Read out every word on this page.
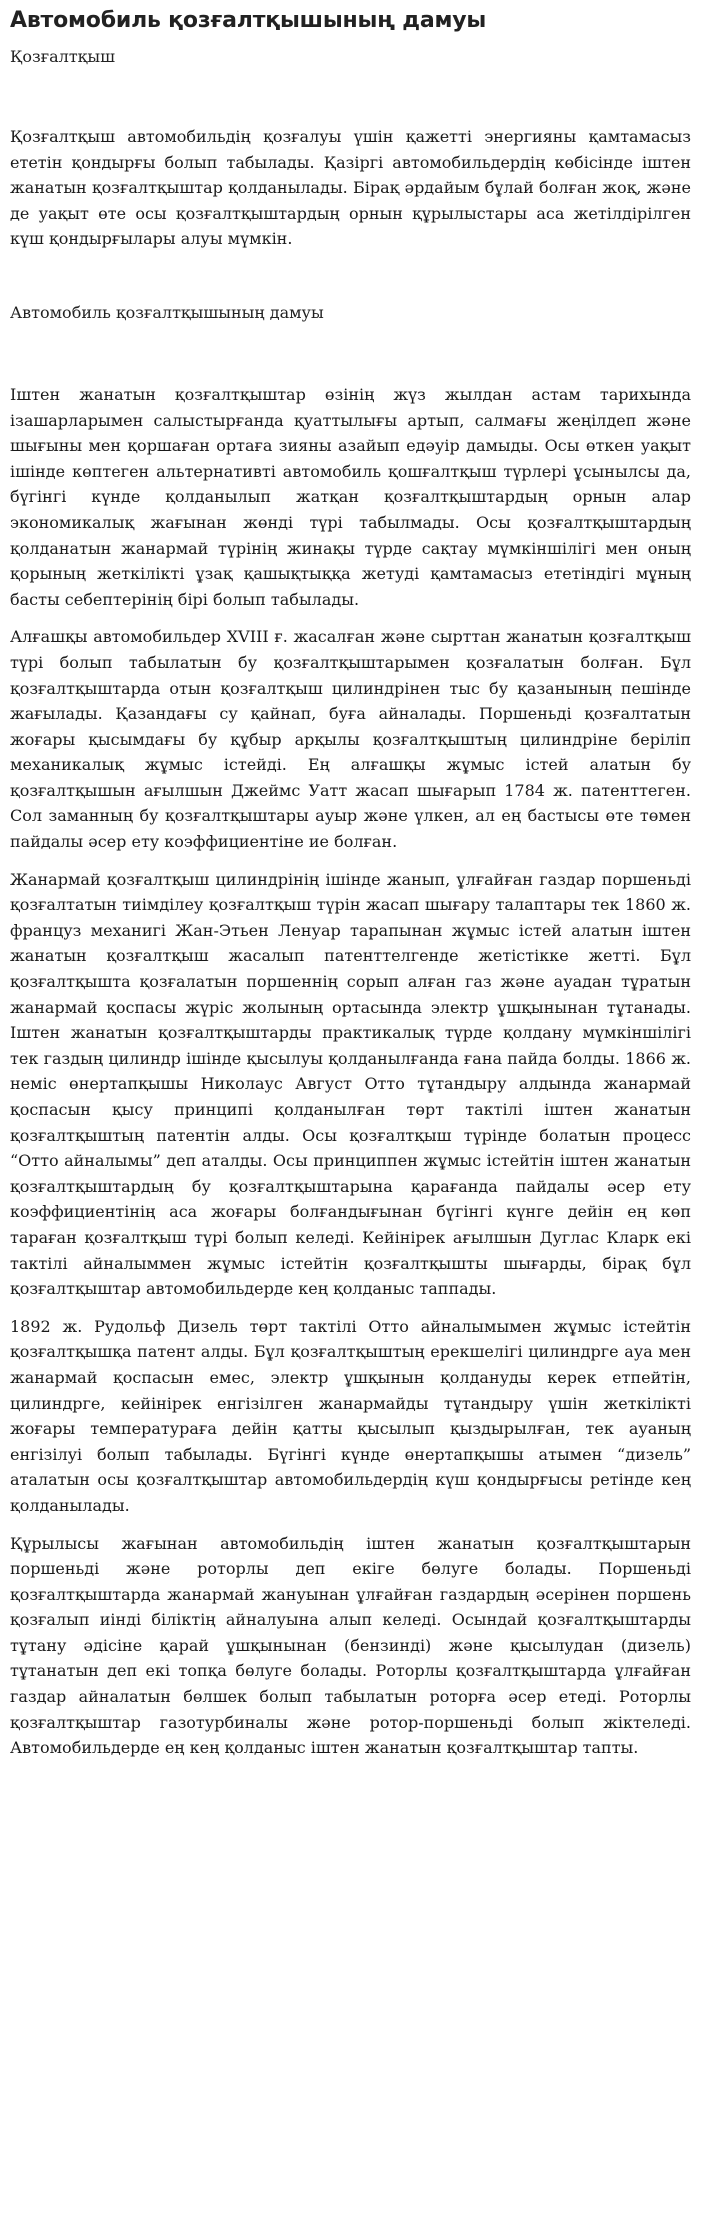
Автомобиль қозғалтқышының дамуы
Қозғалтқыш

Қозғалтқыш автомобильдің қозғалуы үшін қажетті энергияны қамтамасыз ететін қондырғы болып табылады. Қазіргі автомобильдердің көбісінде іштен жанатын қозғалтқыштар қолданылады. Бірақ әрдайым бұлай болған жоқ, және де уақыт өте осы қозғалтқыштардың орнын құрылыстары аса жетілдірілген күш қондырғылары алуы мүмкін.

Автомобиль қозғалтқышының дамуы

Іштен жанатын қозғалтқыштар өзінің жүз жылдан астам тарихында ізашарларымен салыстырғанда қуаттылығы артып, салмағы жеңілдеп және шығыны мен қоршаған ортаға зияны азайып едәуір дамыды. Осы өткен уақыт ішінде көптеген альтернативті автомобиль қошғалтқыш түрлері ұсынылсы да, бүгінгі күнде қолданылып жатқан қозғалтқыштардың орнын алар экономикалық жағынан жөнді түрі табылмады. Осы қозғалтқыштардың қолданатын жанармай түрінің жинақы түрде сақтау мүмкіншілігі мен оның қорының жеткілікті ұзақ қашықтыққа жетуді қамтамасыз ететіндігі мұның басты себептерінің бірі болып табылады.

Алғашқы автомобильдер XVIII ғ. жасалған және сырттан жанатын қозғалтқыш түрі болып табылатын бу қозғалтқыштарымен қозғалатын болған. Бұл қозғалтқыштарда отын қозғалтқыш цилиндрінен тыс бу қазанының пешінде жағылады. Қазандағы су қайнап, буға айналады. Поршеньді қозғалтатын жоғары қысымдағы бу құбыр арқылы қозғалтқыштың цилиндріне беріліп механикалық жұмыс істейді. Ең алғашқы жұмыс істей алатын бу қозғалтқышын ағылшын Джеймс Уатт жасап шығарып 1784 ж. патенттеген. Сол заманның бу қозғалтқыштары ауыр және үлкен, ал ең бастысы өте төмен пайдалы әсер ету коэффициентіне ие болған.

Жанармай қозғалтқыш цилиндрінің ішінде жанып, ұлғайған газдар поршеньді қозғалтатын тиімділеу қозғалтқыш түрін жасап шығару талаптары тек 1860 ж. француз механигі Жан-Этьен Ленуар тарапынан жұмыс істей алатын іштен жанатын қозғалтқыш жасалып патенттелгенде жетістікке жетті. Бұл қозғалтқышта қозғалатын поршеннің сорып алған газ және ауадан тұратын жанармай қоспасы жүріс жолының ортасында электр ұшқынынан тұтанады. Іштен жанатын қозғалтқыштарды практикалық түрде қолдану мүмкіншілігі тек газдың цилиндр ішінде қысылуы қолданылғанда ғана пайда болды. 1866 ж. неміс өнертапқышы Николаус Август Отто тұтандыру алдында жанармай қоспасын қысу принципі қолданылған төрт тактілі іштен жанатын қозғалтқыштың патентін алды. Осы қозғалтқыш түрінде болатын процесс “Отто айналымы” деп аталды. Осы принциппен жұмыс істейтін іштен жанатын қозғалтқыштардың бу қозғалтқыштарына қарағанда пайдалы әсер ету коэффициентінің аса жоғары болғандығынан бүгінгі күнге дейін ең көп тараған қозғалтқыш түрі болып келеді. Кейінірек ағылшын Дуглас Кларк екі тактілі айналыммен жұмыс істейтін қозғалтқышты шығарды, бірақ бұл қозғалтқыштар автомобильдерде кең қолданыс таппады.

1892 ж. Рудольф Дизель төрт тактілі Отто айналымымен жұмыс істейтін қозғалтқышқа патент алды. Бұл қозғалтқыштың ерекшелігі цилиндрге ауа мен жанармай қоспасын емес, электр ұшқынын қолдануды керек етпейтін, цилиндрге, кейінірек енгізілген жанармайды тұтандыру үшін жеткілікті жоғары температураға дейін қатты қысылып қыздырылған, тек ауаның енгізілуі болып табылады. Бүгінгі күнде өнертапқышы атымен “дизель” аталатын осы қозғалтқыштар автомобильдердің күш қондырғысы ретінде кең қолданылады.

Құрылысы жағынан автомобильдің іштен жанатын қозғалтқыштарын поршеньді және роторлы деп екіге бөлуге болады. Поршеньді қозғалтқыштарда жанармай жануынан ұлғайған газдардың әсерінен поршень қозғалып иінді біліктің айналуына алып келеді. Осындай қозғалтқыштарды тұтану әдісіне қарай ұшқынынан (бензинді) және қысылудан (дизель) тұтанатын деп екі топқа бөлуге болады. Роторлы қозғалтқыштарда ұлғайған газдар айналатын бөлшек болып табылатын роторға әсер етеді. Роторлы қозғалтқыштар газотурбиналы және ротор-поршеньді болып жіктеледі. Автомобильдерде ең кең қолданыс іштен жанатын қозғалтқыштар тапты.
